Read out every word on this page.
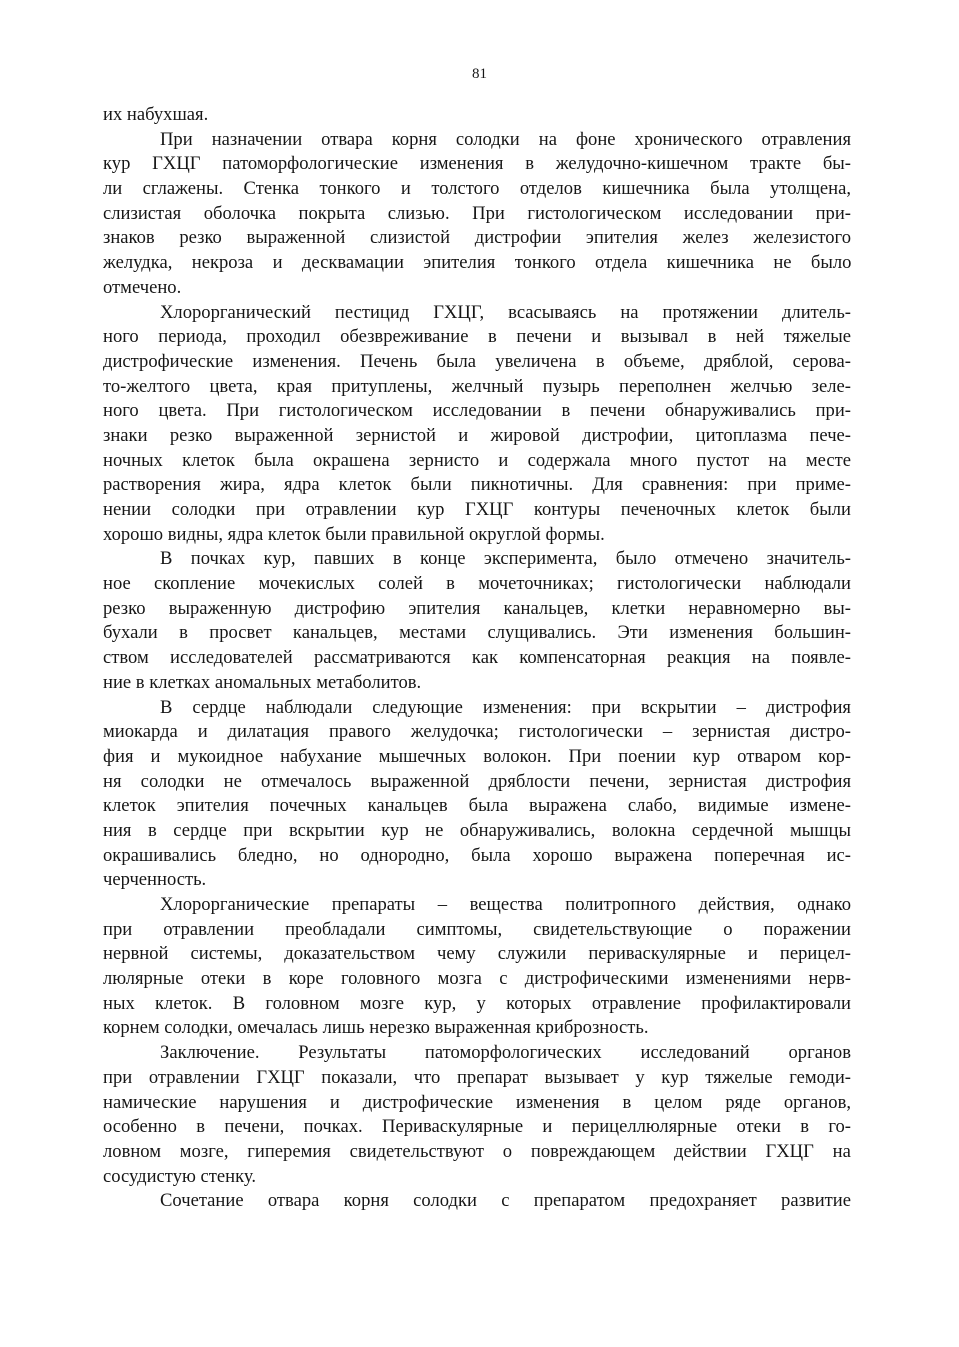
81
их набухшая.
При назначении отвара корня солодки на фоне хронического отравления
кур ГХЦГ патоморфологические изменения в желудочно-кишечном тракте бы-
ли сглажены. Стенка тонкого и толстого отделов кишечника была утолщена,
слизистая оболочка покрыта слизью. При гистологическом исследовании при-
знаков резко выраженной слизистой дистрофии эпителия желез железистого
желудка, некроза и десквамации эпителия тонкого отдела кишечника не было
отмечено.
Хлорорганический пестицид ГХЦГ, всасываясь на протяжении длитель-
ного периода, проходил обезвреживание в печени и вызывал в ней тяжелые
дистрофические изменения. Печень была увеличена в объеме, дряблой, серова-
то-желтого цвета, края притуплены, желчный пузырь переполнен желчью зеле-
ного цвета. При гистологическом исследовании в печени обнаруживались при-
знаки резко выраженной зернистой и жировой дистрофии, цитоплазма пече-
ночных клеток была окрашена зернисто и содержала много пустот на месте
растворения жира, ядра клеток были пикнотичны. Для сравнения: при приме-
нении солодки при отравлении кур ГХЦГ контуры печеночных клеток были
хорошо видны, ядра клеток были правильной округлой формы.
В почках кур, павших в конце эксперимента, было отмечено значитель-
ное скопление мочекислых солей в мочеточниках; гистологически наблюдали
резко выраженную дистрофию эпителия канальцев, клетки неравномерно вы-
бухали в просвет канальцев, местами слущивались. Эти изменения большин-
ством исследователей рассматриваются как компенсаторная реакция на появле-
ние в клетках аномальных метаболитов.
В сердце наблюдали следующие изменения: при вскрытии – дистрофия
миокарда и дилатация правого желудочка; гистологически – зернистая дистро-
фия и мукоидное набухание мышечных волокон. При поении кур отваром кор-
ня солодки не отмечалось выраженной дряблости печени, зернистая дистрофия
клеток эпителия почечных канальцев была выражена слабо, видимые измене-
ния в сердце при вскрытии кур не обнаруживались, волокна сердечной мышцы
окрашивались бледно, но однородно, была хорошо выражена поперечная ис-
черченность.
Хлорорганические препараты – вещества политропного действия, однако
при отравлении преобладали симптомы, свидетельствующие о поражении
нервной системы, доказательством чему служили периваскулярные и перицел-
люлярные отеки в коре головного мозга с дистрофическими изменениями нерв-
ных клеток. В головном мозге кур, у которых отравление профилактировали
корнем солодки, омечалась лишь нерезко выраженная криброзность.
Заключение. Результаты патоморфологических исследований органов
при отравлении ГХЦГ показали, что препарат вызывает у кур тяжелые гемоди-
намические нарушения и дистрофические изменения в целом ряде органов,
особенно в печени, почках. Периваскулярные и перицеллюлярные отеки в го-
ловном мозге, гиперемия свидетельствуют о повреждающем действии ГХЦГ на
сосудистую стенку.
Сочетание отвара корня солодки с препаратом предохраняет развитие
